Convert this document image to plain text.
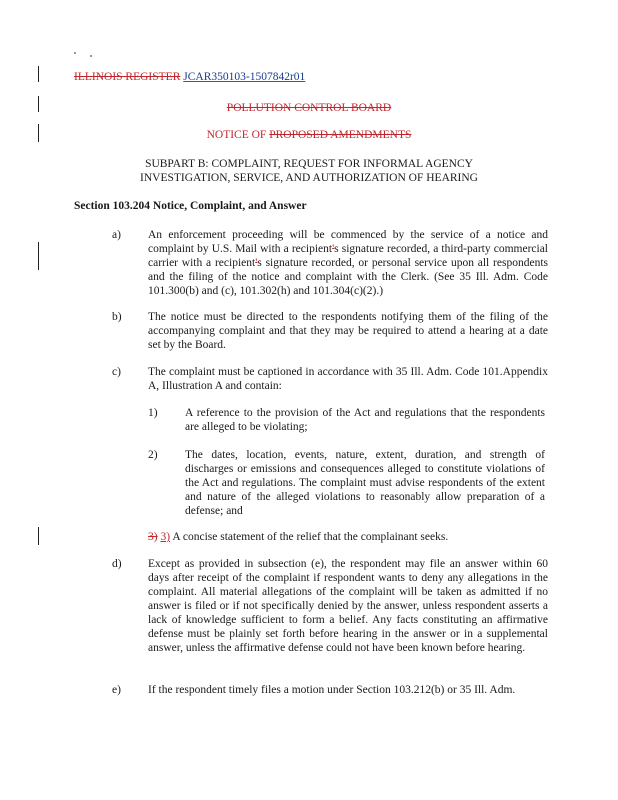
ILLINOIS REGISTER JCAR350103-1507842r01
POLLUTION CONTROL BOARD
NOTICE OF PROPOSED AMENDMENTS
SUBPART B: COMPLAINT, REQUEST FOR INFORMAL AGENCY
INVESTIGATION, SERVICE, AND AUTHORIZATION OF HEARING
Section 103.204 Notice, Complaint, and Answer
a) An enforcement proceeding will be commenced by the service of a notice and complaint by U.S. Mail with a recipient's signature recorded, a third-party commercial carrier with a recipient's signature recorded, or personal service upon all respondents and the filing of the notice and complaint with the Clerk. (See 35 Ill. Adm. Code 101.300(b) and (c), 101.302(h) and 101.304(c)(2).)
b) The notice must be directed to the respondents notifying them of the filing of the accompanying complaint and that they may be required to attend a hearing at a date set by the Board.
c) The complaint must be captioned in accordance with 35 Ill. Adm. Code 101.Appendix A, Illustration A and contain:
1) A reference to the provision of the Act and regulations that the respondents are alleged to be violating;
2) The dates, location, events, nature, extent, duration, and strength of discharges or emissions and consequences alleged to constitute violations of the Act and regulations. The complaint must advise respondents of the extent and nature of the alleged violations to reasonably allow preparation of a defense; and
3) 3) A concise statement of the relief that the complainant seeks.
d) Except as provided in subsection (e), the respondent may file an answer within 60 days after receipt of the complaint if respondent wants to deny any allegations in the complaint. All material allegations of the complaint will be taken as admitted if no answer is filed or if not specifically denied by the answer, unless respondent asserts a lack of knowledge sufficient to form a belief. Any facts constituting an affirmative defense must be plainly set forth before hearing in the answer or in a supplemental answer, unless the affirmative defense could not have been known before hearing.
e) If the respondent timely files a motion under Section 103.212(b) or 35 Ill. Adm.
